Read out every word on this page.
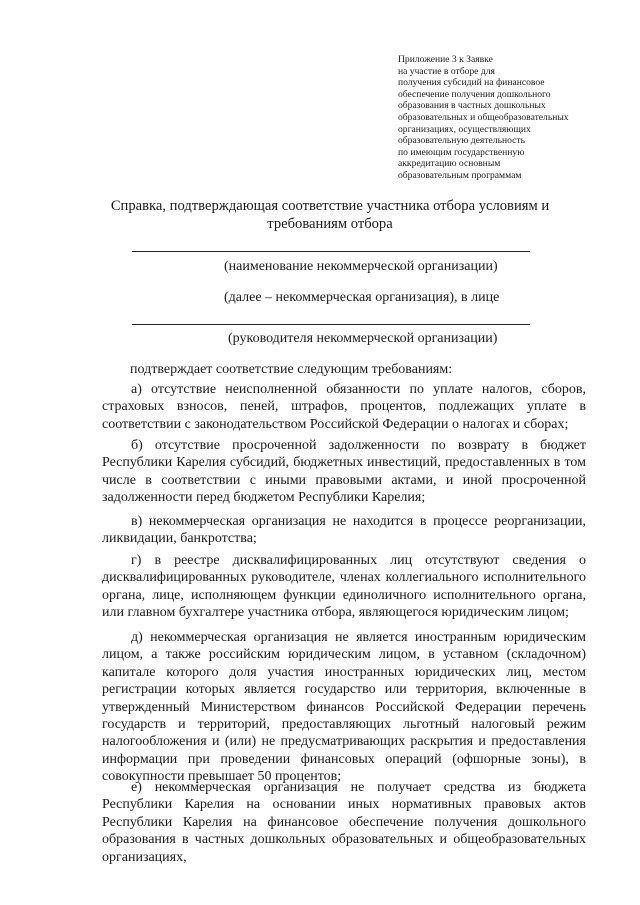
Приложение 3 к Заявке
на участие в отборе для
получения субсидий на финансовое
обеспечение получения дошкольного
образования в частных дошкольных
образовательных и общеобразовательных
организациях, осуществляющих
образовательную деятельность
по имеющим государственную
аккредитацию основным
образовательным программам
Справка, подтверждающая соответствие участника отбора условиям и
требованиям отбора
(наименование некоммерческой организации)
(далее – некоммерческая организация), в лице
(руководителя некоммерческой организации)
подтверждает соответствие следующим требованиям:
а) отсутствие неисполненной обязанности по уплате налогов, сборов, страховых взносов, пеней, штрафов, процентов, подлежащих уплате в соответствии с законодательством Российской Федерации о налогах и сборах;
б) отсутствие просроченной задолженности по возврату в бюджет Республики Карелия субсидий, бюджетных инвестиций, предоставленных в том числе в соответствии с иными правовыми актами, и иной просроченной задолженности перед бюджетом Республики Карелия;
в) некоммерческая организация не находится в процессе реорганизации, ликвидации, банкротства;
г) в реестре дисквалифицированных лиц отсутствуют сведения о дисквалифицированных руководителе, членах коллегиального исполнительного органа, лице, исполняющем функции единоличного исполнительного органа, или главном бухгалтере участника отбора, являющегося юридическим лицом;
д) некоммерческая организация не является иностранным юридическим лицом, а также российским юридическим лицом, в уставном (складочном) капитале которого доля участия иностранных юридических лиц, местом регистрации которых является государство или территория, включенные в утвержденный Министерством финансов Российской Федерации перечень государств и территорий, предоставляющих льготный налоговый режим налогообложения и (или) не предусматривающих раскрытия и предоставления информации при проведении финансовых операций (офшорные зоны), в совокупности превышает 50 процентов;
е) некоммерческая организация не получает средства из бюджета Республики Карелия на основании иных нормативных правовых актов Республики Карелия на финансовое обеспечение получения дошкольного образования в частных дошкольных образовательных и общеобразовательных организациях,
